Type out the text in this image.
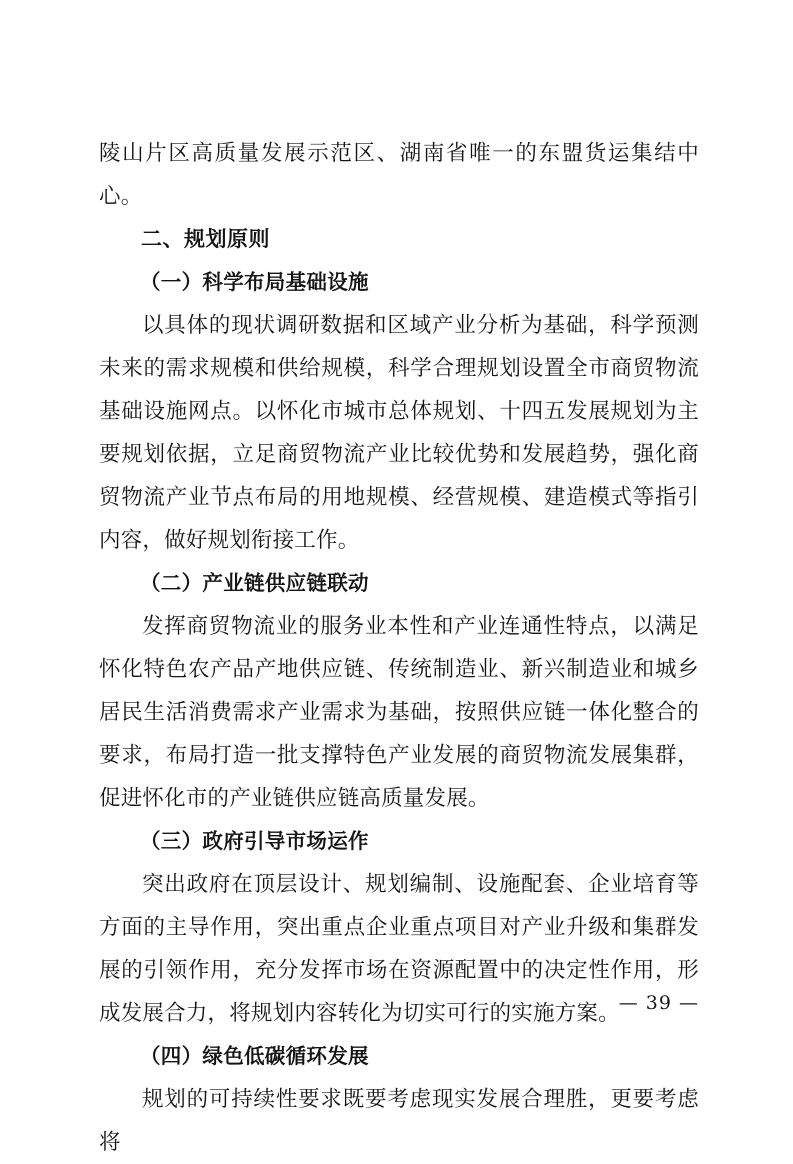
陵山片区高质量发展示范区、湖南省唯一的东盟货运集结中心。

二、规划原则

（一）科学布局基础设施

以具体的现状调研数据和区域产业分析为基础，科学预测未来的需求规模和供给规模，科学合理规划设置全市商贸物流基础设施网点。以怀化市城市总体规划、十四五发展规划为主要规划依据，立足商贸物流产业比较优势和发展趋势，强化商贸物流产业节点布局的用地规模、经营规模、建造模式等指引内容，做好规划衔接工作。

（二）产业链供应链联动

发挥商贸物流业的服务业本性和产业连通性特点，以满足怀化特色农产品产地供应链、传统制造业、新兴制造业和城乡居民生活消费需求产业需求为基础，按照供应链一体化整合的要求，布局打造一批支撑特色产业发展的商贸物流发展集群，促进怀化市的产业链供应链高质量发展。

（三）政府引导市场运作

突出政府在顶层设计、规划编制、设施配套、企业培育等方面的主导作用，突出重点企业重点项目对产业升级和集群发展的引领作用，充分发挥市场在资源配置中的决定性作用，形成发展合力，将规划内容转化为切实可行的实施方案。

（四）绿色低碳循环发展

规划的可持续性要求既要考虑现实发展合理胜，更要考虑将

— 39 —
